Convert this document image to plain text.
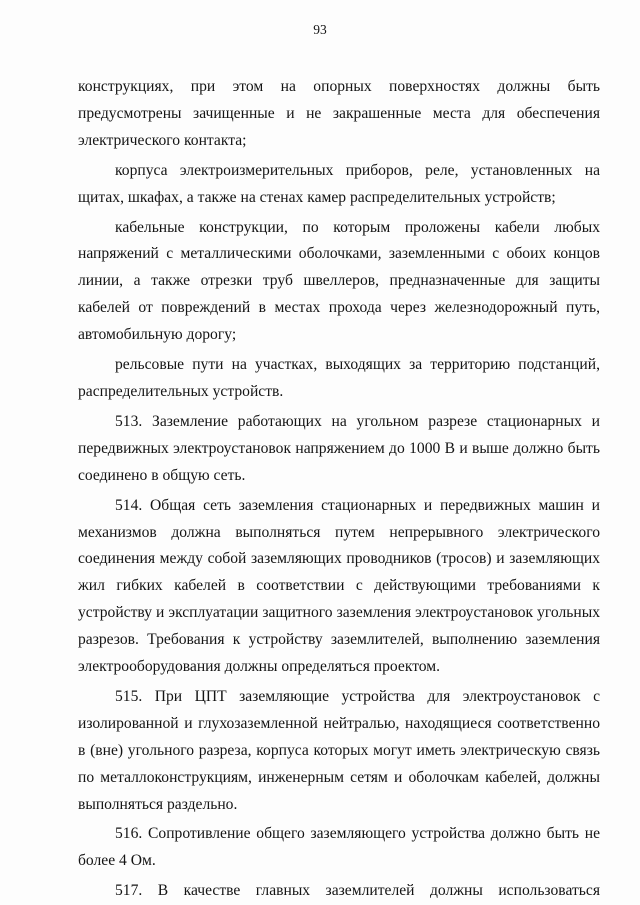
93

конструкциях, при этом на опорных поверхностях должны быть предусмотрены зачищенные и не закрашенные места для обеспечения электрического контакта;

корпуса электроизмерительных приборов, реле, установленных на щитах, шкафах, а также на стенах камер распределительных устройств;

кабельные конструкции, по которым проложены кабели любых напряжений с металлическими оболочками, заземленными с обоих концов линии, а также отрезки труб швеллеров, предназначенные для защиты кабелей от повреждений в местах прохода через железнодорожный путь, автомобильную дорогу;

рельсовые пути на участках, выходящих за территорию подстанций, распределительных устройств.

513. Заземление работающих на угольном разрезе стационарных и передвижных электроустановок напряжением до 1000 В и выше должно быть соединено в общую сеть.

514. Общая сеть заземления стационарных и передвижных машин и механизмов должна выполняться путем непрерывного электрического соединения между собой заземляющих проводников (тросов) и заземляющих жил гибких кабелей в соответствии с действующими требованиями к устройству и эксплуатации защитного заземления электроустановок угольных разрезов. Требования к устройству заземлителей, выполнению заземления электрооборудования должны определяться проектом.

515. При ЦПТ заземляющие устройства для электроустановок с изолированной и глухозаземленной нейтралью, находящиеся соответственно в (вне) угольного разреза, корпуса которых могут иметь электрическую связь по металлоконструкциям, инженерным сетям и оболочкам кабелей, должны выполняться раздельно.

516. Сопротивление общего заземляющего устройства должно быть не более 4 Ом.

517. В качестве главных заземлителей должны использоваться
